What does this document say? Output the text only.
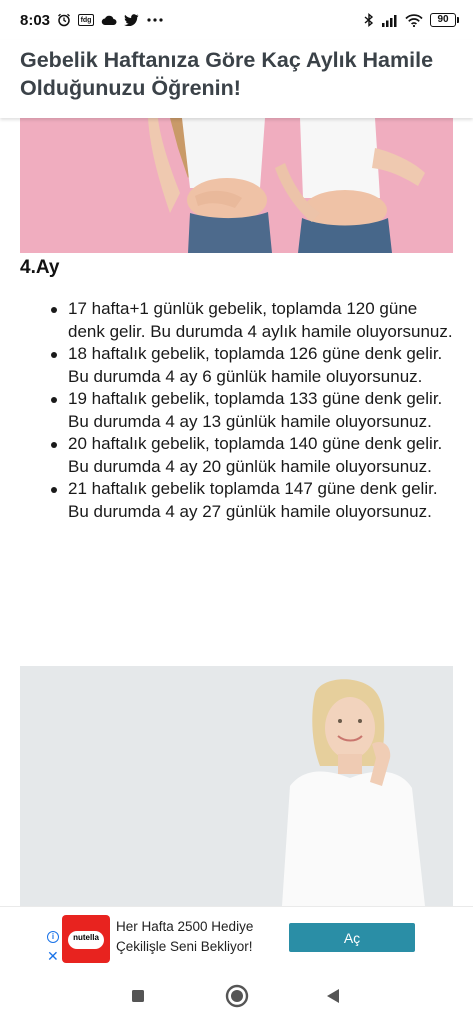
8:03	fdg	90
Gebelik Haftanıza Göre Kaç Aylık Hamile Olduğunuzu Öğrenin!
4.Ay
17 hafta+1 günlük gebelik, toplamda 120 güne denk gelir. Bu durumda 4 aylık hamile oluyorsunuz.
18 haftalık gebelik, toplamda 126 güne denk gelir. Bu durumda 4 ay 6 günlük hamile oluyorsunuz.
19 haftalık gebelik, toplamda 133 güne denk gelir. Bu durumda 4 ay 13 günlük hamile oluyorsunuz.
20 haftalık gebelik, toplamda 140 güne denk gelir. Bu durumda 4 ay 20 günlük hamile oluyorsunuz.
21 haftalık gebelik toplamda 147 güne denk gelir. Bu durumda 4 ay 27 günlük hamile oluyorsunuz.
i
✕
nutella
Her Hafta 2500 Hediye Çekilişle Seni Bekliyor!
Aç
